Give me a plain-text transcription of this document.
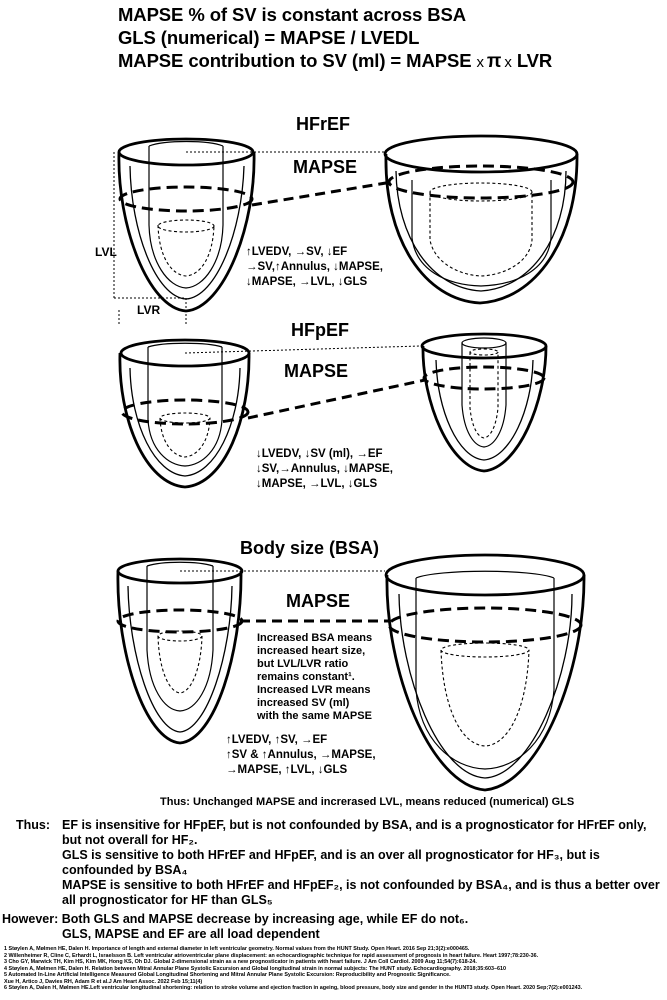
MAPSE % of SV is constant across BSA
GLS (numerical) = MAPSE / LVEDL
MAPSE contribution to SV (ml) = MAPSE x π x LVR
HFrEF
MAPSE
LVL
LVR
↑LVEDV, →SV, ↓EF
→SV,↑Annulus, ↓MAPSE,
↓MAPSE, →LVL, ↓GLS
HFpEF
MAPSE
↓LVEDV, ↓SV (ml), →EF
↓SV,→Annulus, ↓MAPSE,
↓MAPSE, →LVL, ↓GLS
Body size (BSA)
MAPSE
Increased BSA means
increased heart size,
but LVL/LVR ratio
remains constant¹.
Increased LVR means
increased SV (ml)
with the same MAPSE
↑LVEDV, ↑SV, →EF
↑SV & ↑Annulus, →MAPSE,
→MAPSE, ↑LVL, ↓GLS
Thus: Unchanged MAPSE and increrased LVL, means reduced (numerical) GLS
Thus: EF is insensitive for HFpEF, but is not confounded by BSA, and is a prognosticator for HFrEF only, but not overall for HF₂.
GLS is sensitive to both HFrEF and HFpEF, and is an over all prognosticator for HF₃, but is confounded by BSA₄
MAPSE is sensitive to both HFrEF and HFpEF₂, is not confounded by BSA₄, and is thus a better over all prognosticator for HF than GLS₅
However: Both GLS and MAPSE decrease by increasing age, while EF do not₆.
GLS, MAPSE and EF are all load dependent
1 Støylen A, Mølmen HE, Dalen H. Importance of length and external diameter in left ventricular geometry. Normal values from the HUNT Study. Open Heart. 2016 Sep 21;3(2):e000465.
2 Willenheimer R, Cline C, Erhardt L, Israelsson B. Left ventricular atrioventricular plane displacement: an echocardiographic technique for rapid assessment of prognosis in heart failure. Heart 1997;78:230-36.
3 Cho GY, Marwick TH, Kim HS, Kim MK, Hong KS, Oh DJ. Global 2-dimensional strain as a new prognosticator in patients with heart failure. J Am Coll Cardiol. 2009 Aug 11;54(7):618-24.
4 Støylen A, Mølmen HE, Dalen H. Relation between Mitral Annular Plane Systolic Excursion and Global longitudinal strain in normal subjects: The HUNT study. Echocardiography. 2018;35:603–610
5 Automated In-Line Artificial Intelligence Measured Global Longitudinal Shortening and Mitral Annular Plane Systolic Excursion: Reproducibility and Prognostic Significance.
Xue H, Artico J, Davies RH, Adam R et al.J Am Heart Assoc. 2022 Feb 15;11(4)
6 Støylen A, Dalen H, Mølmen HE.Left ventricular longitudinal shortening: relation to stroke volume and ejection fraction in ageing, blood pressure, body size and gender in the HUNT3 study. Open Heart. 2020 Sep;7(2):e001243.
